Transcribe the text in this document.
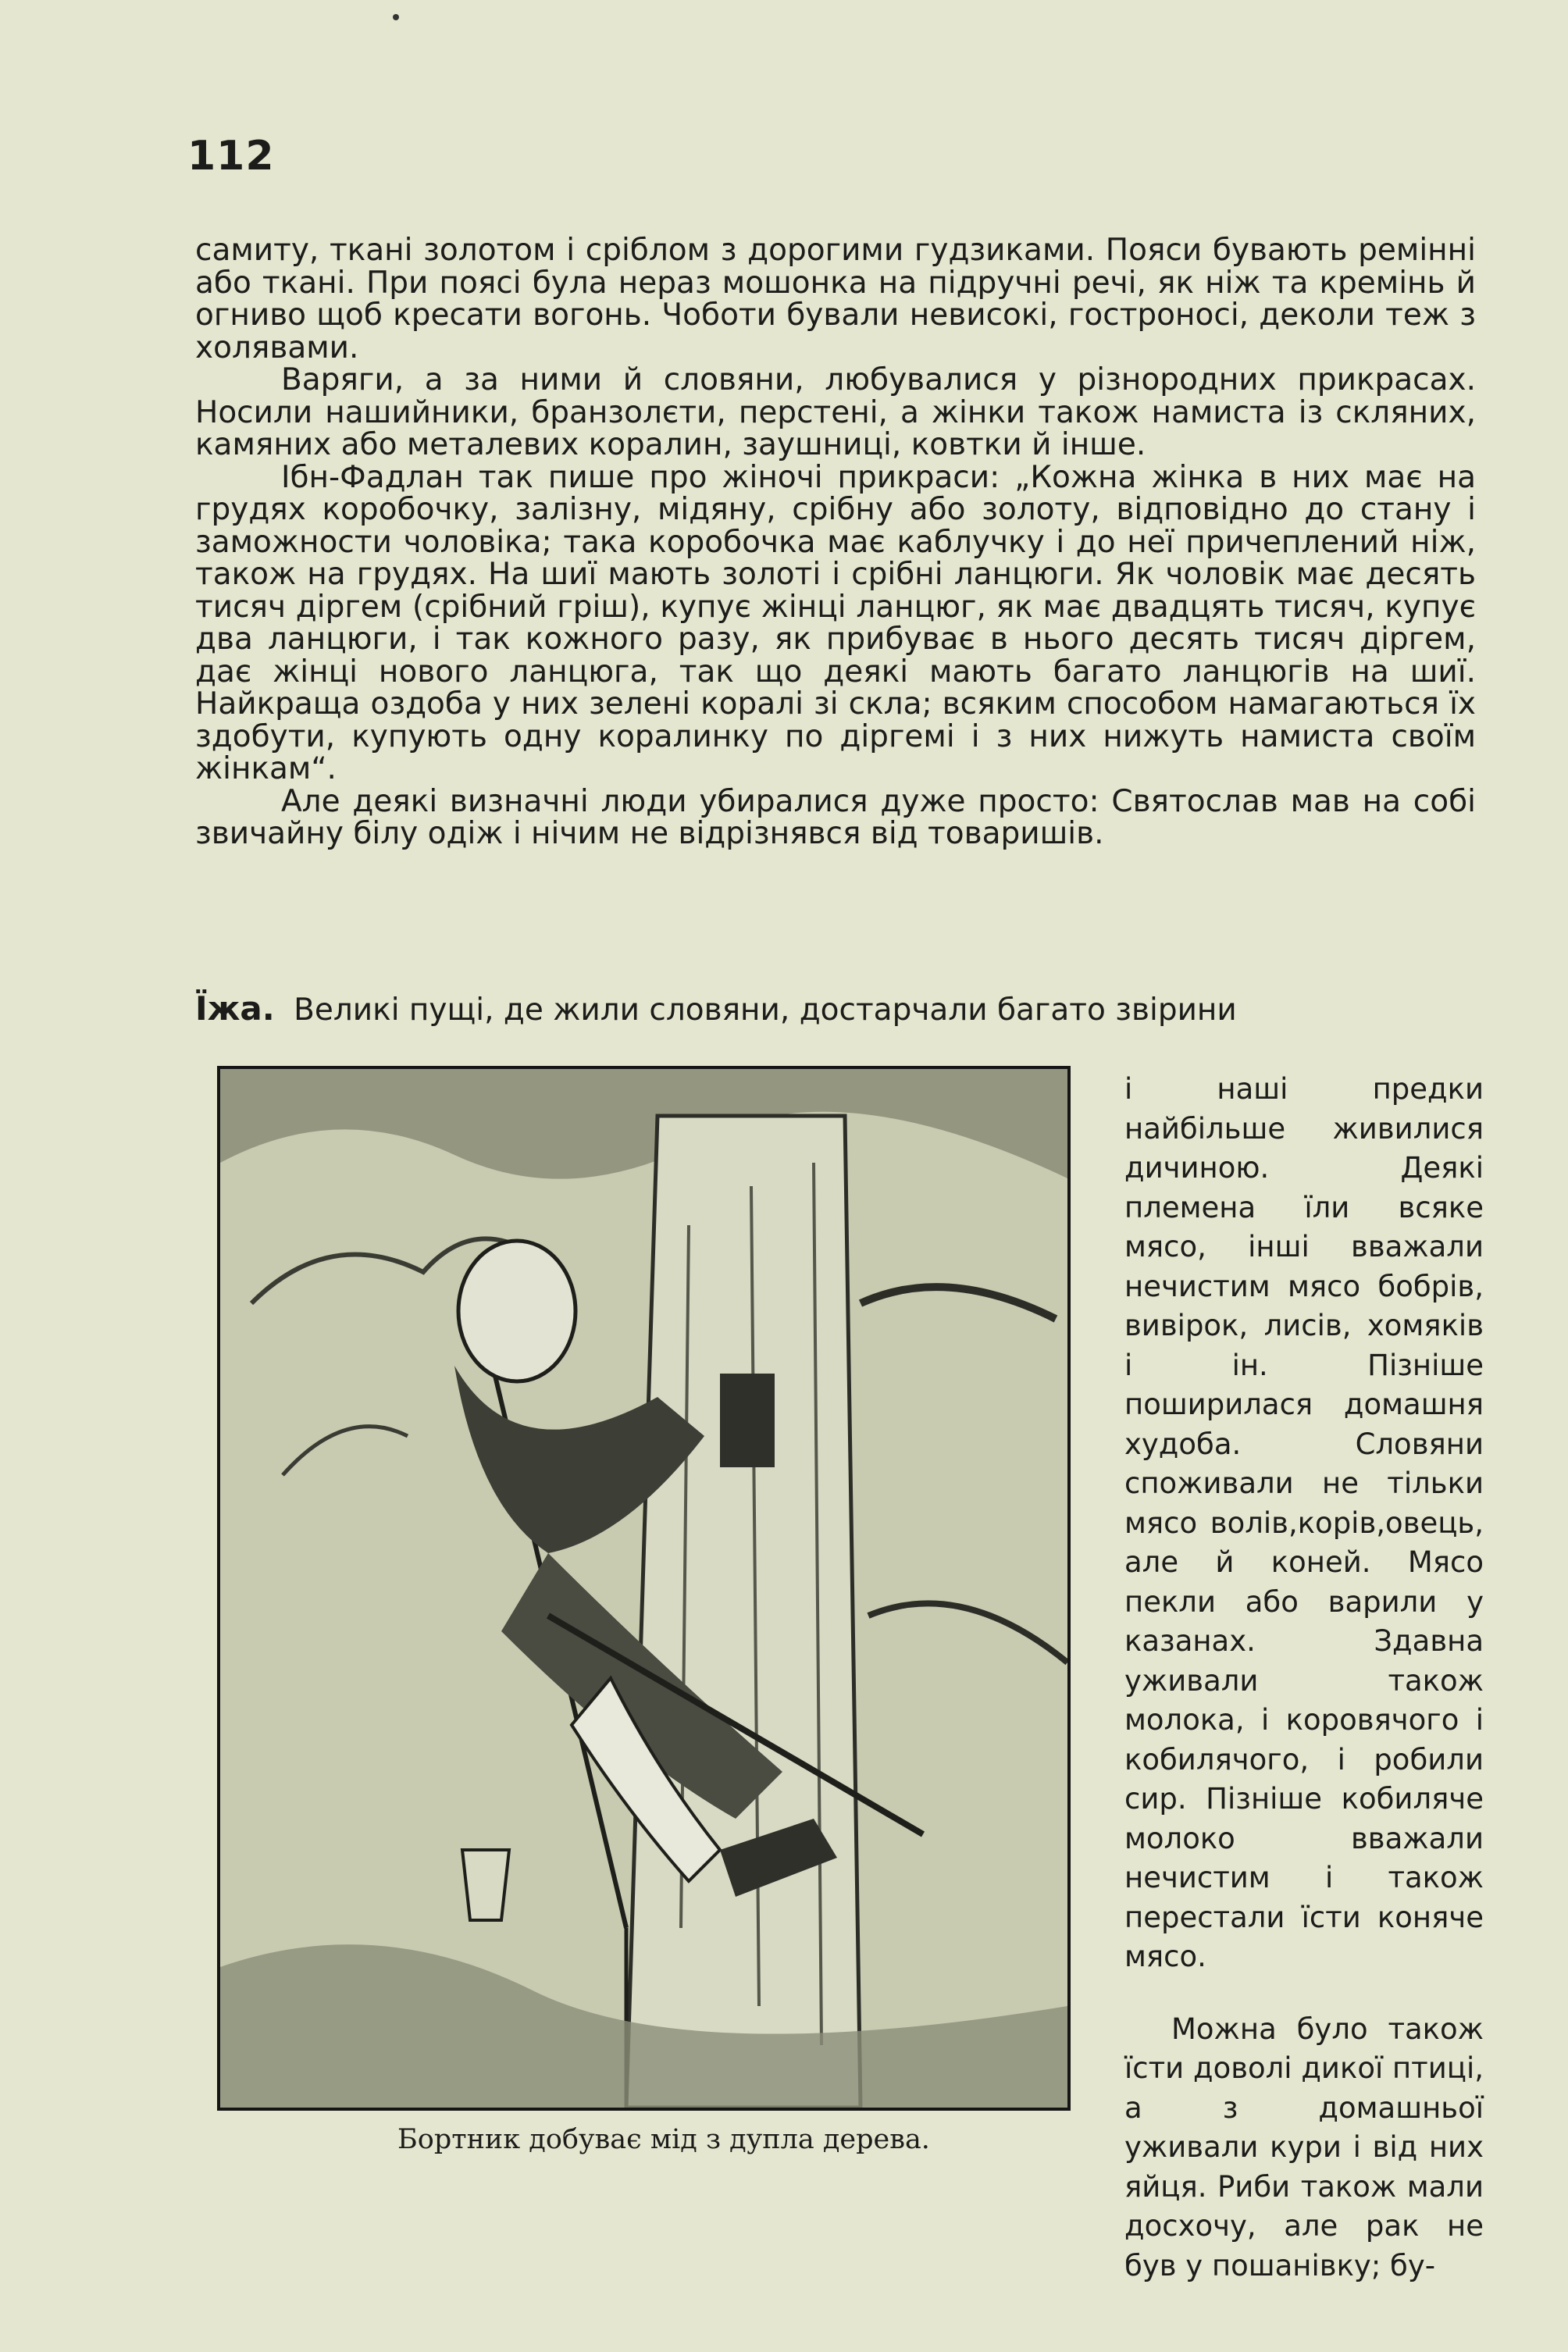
112

самиту, ткані золотом і сріблом з дорогими гудзиками. Пояси бувають ремінні або ткані. При поясі була нераз мошонка на підручні речі, як ніж та кремінь й огниво щоб кресати вогонь. Чоботи бували невисокі, гостроносі, деколи теж з холявами.

Варяги, а за ними й словяни, любувалися у різнородних прикрасах. Носили нашийники, бранзолєти, перстені, а жінки також намиста із скляних, камяних або металевих коралин, заушниці, ковтки й інше.

Ібн-Фадлан так пише про жіночі прикраси: „Кожна жінка в них має на грудях коробочку, залізну, мідяну, срібну або золоту, відповідно до стану і заможности чоловіка; така коробочка має каблучку і до неї причеплений ніж, також на грудях. На шиї мають золоті і срібні ланцюги. Як чоловік має десять тисяч діргем (срібний гріш), купує жінці ланцюг, як має двадцять тисяч, купує два ланцюги, і так кожного разу, як прибуває в нього десять тисяч діргем, дає жінці нового ланцюга, так що деякі мають багато ланцюгів на шиї. Найкраща оздоба у них зелені коралі зі скла; всяким способом намагаються їх здобути, купують одну коралинку по діргемі і з них нижуть намиста своїм жінкам“.

Але деякі визначні люди убиралися дуже просто: Святослав мав на собі звичайну білу одіж і нічим не відрізнявся від товаришів.

Їжа. Великі пущі, де жили словяни, достарчали багато звірини
Бортник добуває мід з дупла дерева.

і наші предки найбільше живилися дичиною. Деякі племена їли всяке мясо, інші вважали нечистим мясо бобрів, вивірок, лисів, хомяків і ін. Пізніше поширилася домашня худоба. Словяни споживали не тільки мясо волів,корів,овець, але й коней. Мясо пекли або варили у казанах. Здавна уживали також молока, і коровячого і кобилячого, і робили сир. Пізніше кобиляче молоко вважали нечистим і також перестали їсти коняче мясо.

Можна було також їсти доволі дикої птиці, а з домашньої уживали кури і від них яйця. Риби також мали досхочу, але рак не був у пошанівку; бу-
